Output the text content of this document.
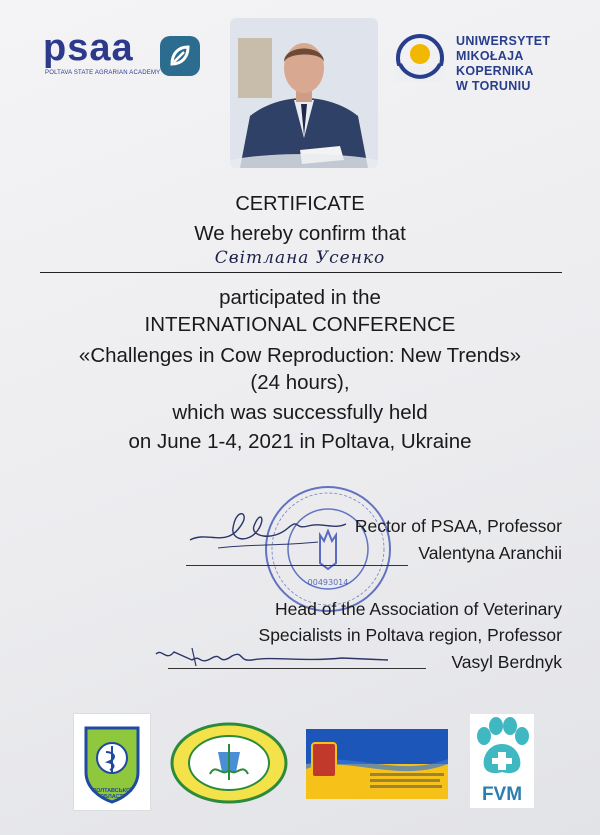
psaa
POLTAVA STATE AGRARIAN ACADEMY
UNIWERSYTET
MIKOŁAJA KOPERNIKA
W TORUNIU
CERTIFICATE
We hereby confirm that
Світлана Усенко
participated in the
INTERNATIONAL CONFERENCE
«Challenges in Cow Reproduction: New Trends»
(24 hours),
which was successfully held
on June 1-4, 2021 in Poltava, Ukraine
00493014
Rector of PSAA, Professor
Valentyna Aranchii
Head of the Association of Veterinary
Specialists in Poltava region, Professor
Vasyl Berdnyk
ПОЛТАВСЬКОЇ ОБЛАСТІ	FVM
